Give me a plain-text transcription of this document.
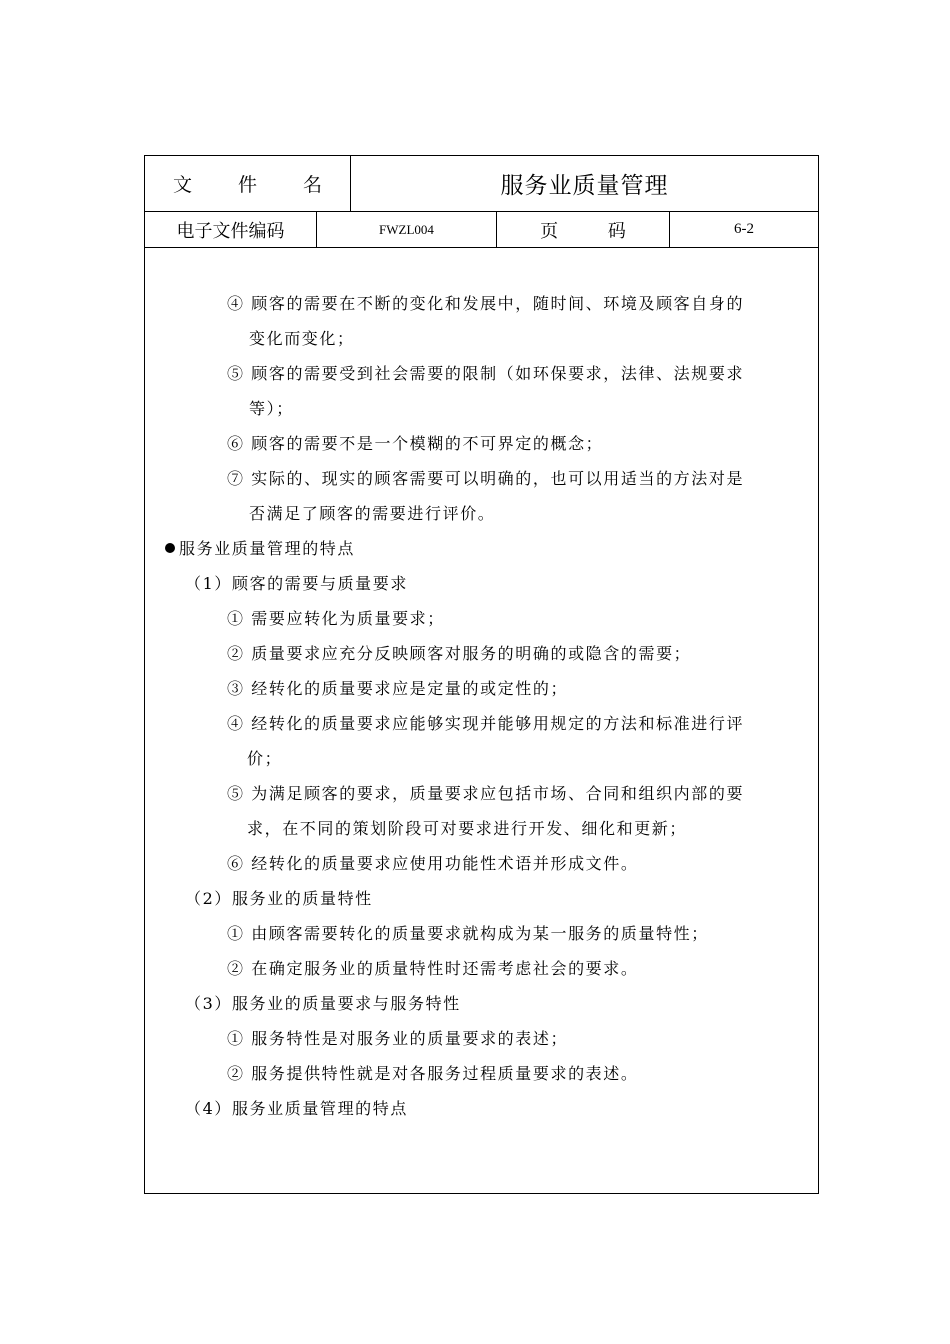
文 件 名	服务业质量管理
电子文件编码	FWZL004	页 码	6-2
④ 顾客的需要在不断的变化和发展中，随时间、环境及顾客自身的
变化而变化；
⑤ 顾客的需要受到社会需要的限制（如环保要求，法律、法规要求
等）；
⑥ 顾客的需要不是一个模糊的不可界定的概念；
⑦ 实际的、现实的顾客需要可以明确的，也可以用适当的方法对是
否满足了顾客的需要进行评价。
服务业质量管理的特点
（1）顾客的需要与质量要求
① 需要应转化为质量要求；
② 质量要求应充分反映顾客对服务的明确的或隐含的需要；
③ 经转化的质量要求应是定量的或定性的；
④ 经转化的质量要求应能够实现并能够用规定的方法和标准进行评
价；
⑤ 为满足顾客的要求，质量要求应包括市场、合同和组织内部的要
求，在不同的策划阶段可对要求进行开发、细化和更新；
⑥ 经转化的质量要求应使用功能性术语并形成文件。
（2）服务业的质量特性
① 由顾客需要转化的质量要求就构成为某一服务的质量特性；
② 在确定服务业的质量特性时还需考虑社会的要求。
（3）服务业的质量要求与服务特性
① 服务特性是对服务业的质量要求的表述；
② 服务提供特性就是对各服务过程质量要求的表述。
（4）服务业质量管理的特点
